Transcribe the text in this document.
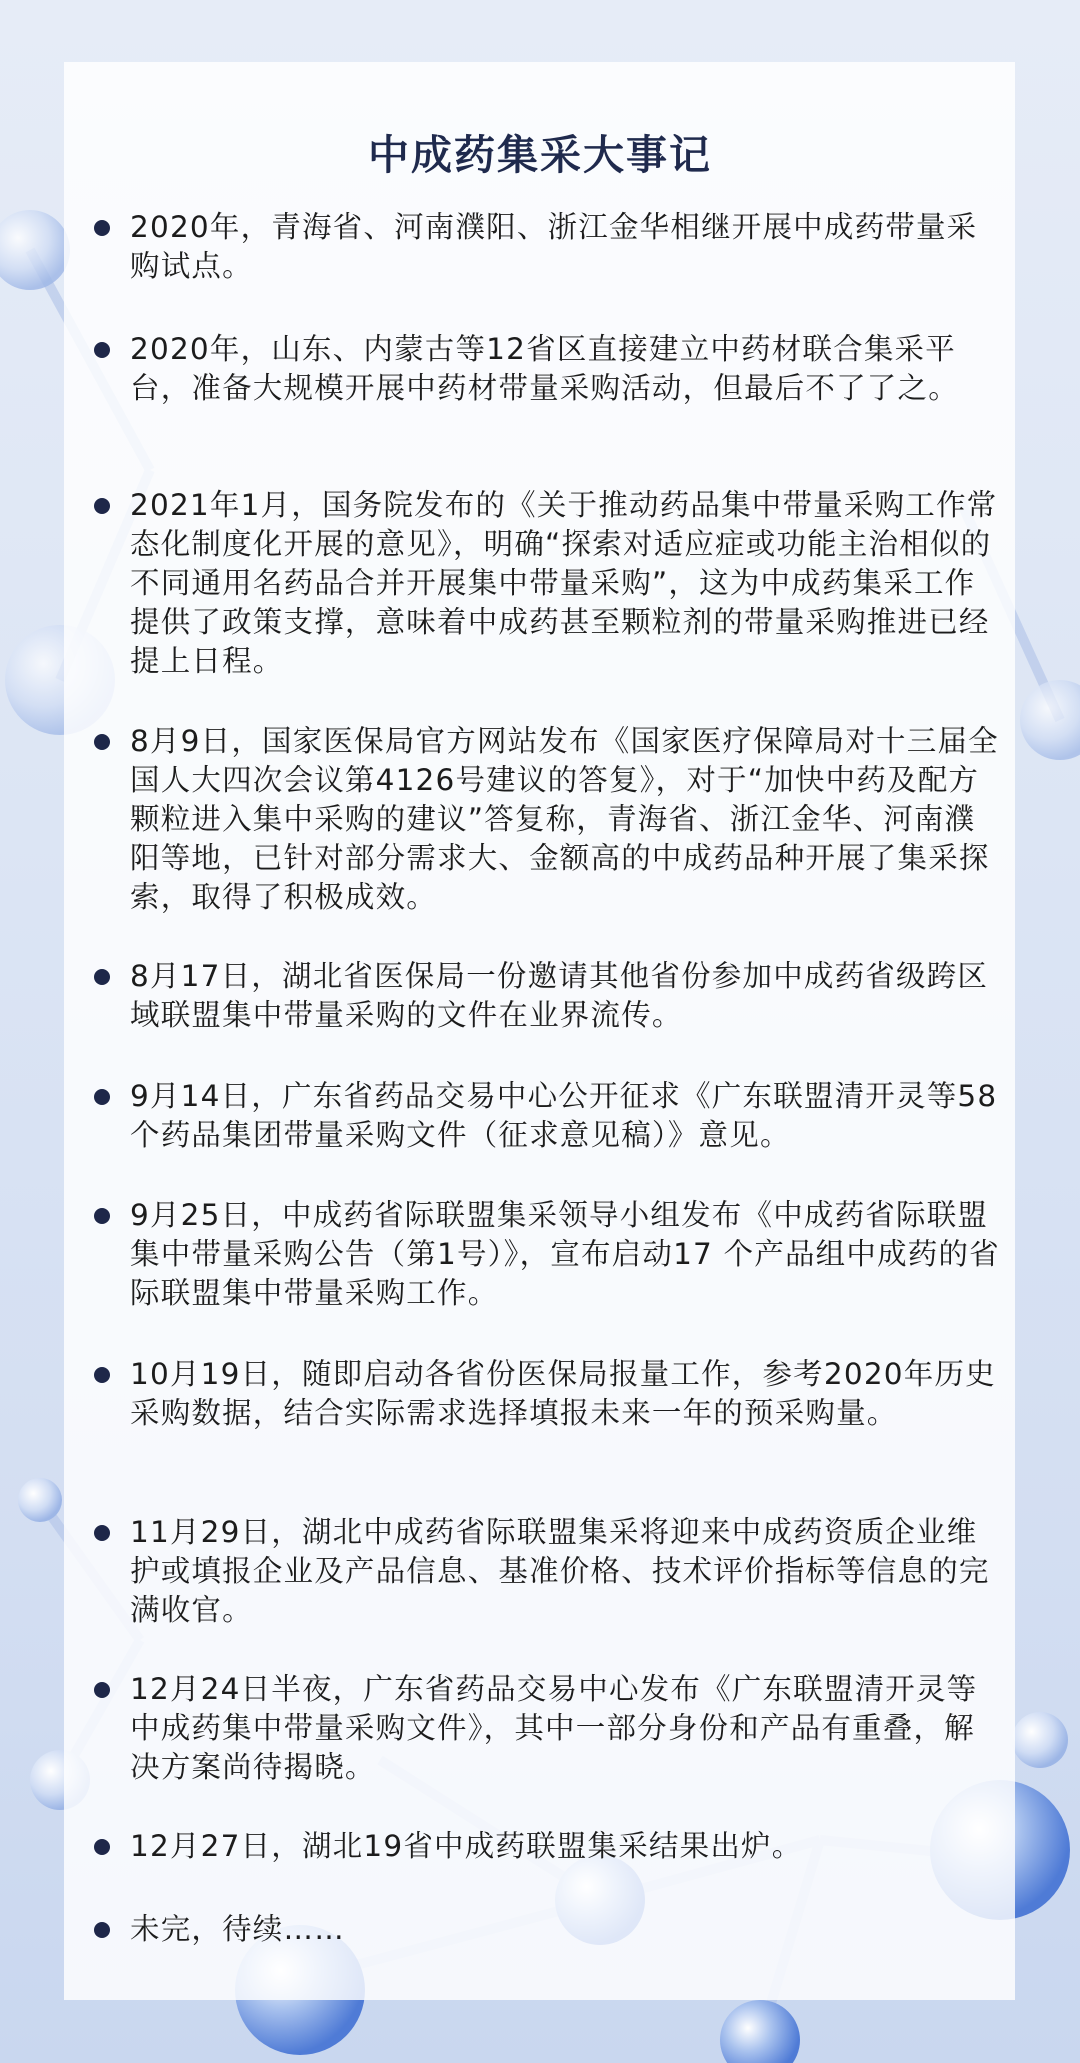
中成药集采大事记
2020年，青海省、河南濮阳、浙江金华相继开展中成药带量采购试点。
2020年，山东、内蒙古等12省区直接建立中药材联合集采平台，准备大规模开展中药材带量采购活动，但最后不了了之。
2021年1月，国务院发布的《关于推动药品集中带量采购工作常态化制度化开展的意见》，明确“探索对适应症或功能主治相似的不同通用名药品合并开展集中带量采购”，这为中成药集采工作提供了政策支撑，意味着中成药甚至颗粒剂的带量采购推进已经提上日程。
8月9日，国家医保局官方网站发布《国家医疗保障局对十三届全国人大四次会议第4126号建议的答复》，对于“加快中药及配方颗粒进入集中采购的建议”答复称，青海省、浙江金华、河南濮阳等地，已针对部分需求大、金额高的中成药品种开展了集采探索，取得了积极成效。
8月17日，湖北省医保局一份邀请其他省份参加中成药省级跨区域联盟集中带量采购的文件在业界流传。
9月14日，广东省药品交易中心公开征求《广东联盟清开灵等58个药品集团带量采购文件（征求意见稿）》意见。
9月25日，中成药省际联盟集采领导小组发布《中成药省际联盟集中带量采购公告（第1号）》，宣布启动17 个产品组中成药的省际联盟集中带量采购工作。
10月19日，随即启动各省份医保局报量工作，参考2020年历史采购数据，结合实际需求选择填报未来一年的预采购量。
11月29日，湖北中成药省际联盟集采将迎来中成药资质企业维护或填报企业及产品信息、基准价格、技术评价指标等信息的完满收官。
12月24日半夜，广东省药品交易中心发布《广东联盟清开灵等中成药集中带量采购文件》，其中一部分身份和产品有重叠，解决方案尚待揭晓。
12月27日，湖北19省中成药联盟集采结果出炉。
未完，待续……
